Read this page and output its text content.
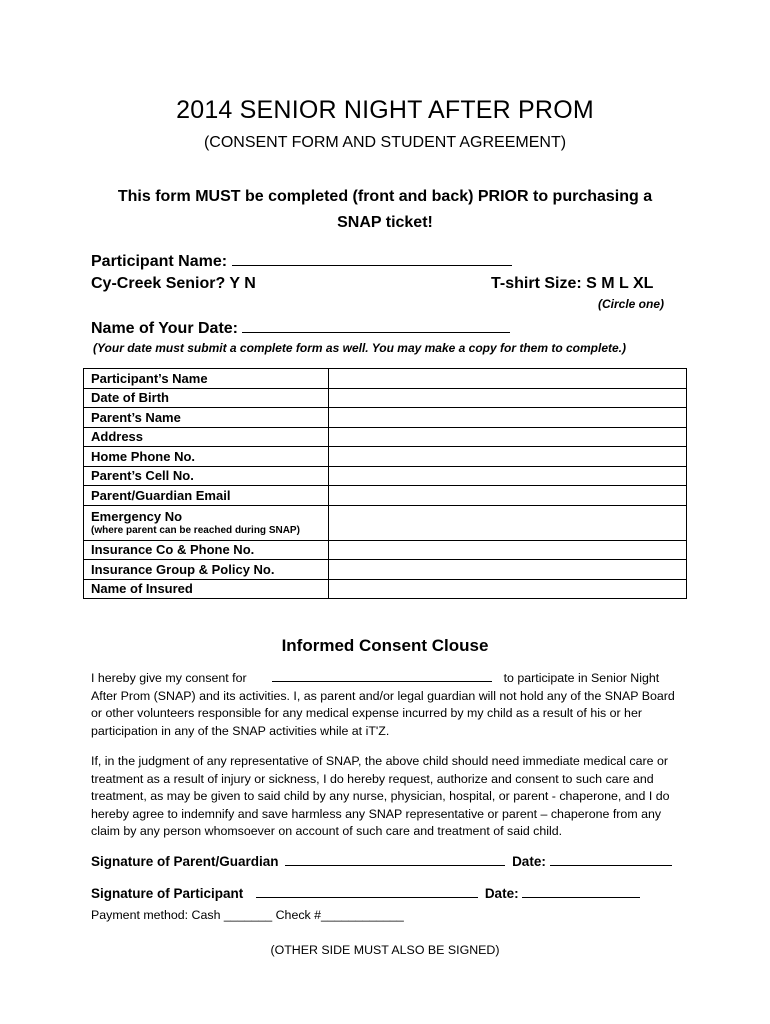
2014 SENIOR NIGHT AFTER PROM
(CONSENT FORM AND STUDENT AGREEMENT)
This form MUST be completed (front and back) PRIOR to purchasing a
SNAP ticket!
Participant Name:
Cy-Creek Senior? Y N	T-shirt Size: S M L XL
(Circle one)
Name of Your Date:
(Your date must submit a complete form as well. You may make a copy for them to complete.)
Participant’s Name	
Date of Birth	
Parent’s Name	
Address	
Home Phone No.	
Parent’s Cell No.	
Parent/Guardian Email	
Emergency No
(where parent can be reached during SNAP)	

Insurance Co & Phone No.	
Insurance Group & Policy No.	
Name of Insured	
Informed Consent Clouse
I hereby give my consent for	to participate in Senior Night After Prom (SNAP) and its activities. I, as parent and/or legal guardian will not hold any of the SNAP Board or other volunteers responsible for any medical expense incurred by my child as a result of his or her participation in any of the SNAP activities while at iT'Z.
If, in the judgment of any representative of SNAP, the above child should need immediate medical care or treatment as a result of injury or sickness, I do hereby request, authorize and consent to such care and treatment, as may be given to said child by any nurse, physician, hospital, or parent - chaperone, and I do hereby agree to indemnify and save harmless any SNAP representative or parent – chaperone from any claim by any person whomsoever on account of such care and treatment of said child.
Signature of Parent/Guardian	Date:
Signature of Participant	Date:
Payment method: Cash _______ Check #____________
(OTHER SIDE MUST ALSO BE SIGNED)
